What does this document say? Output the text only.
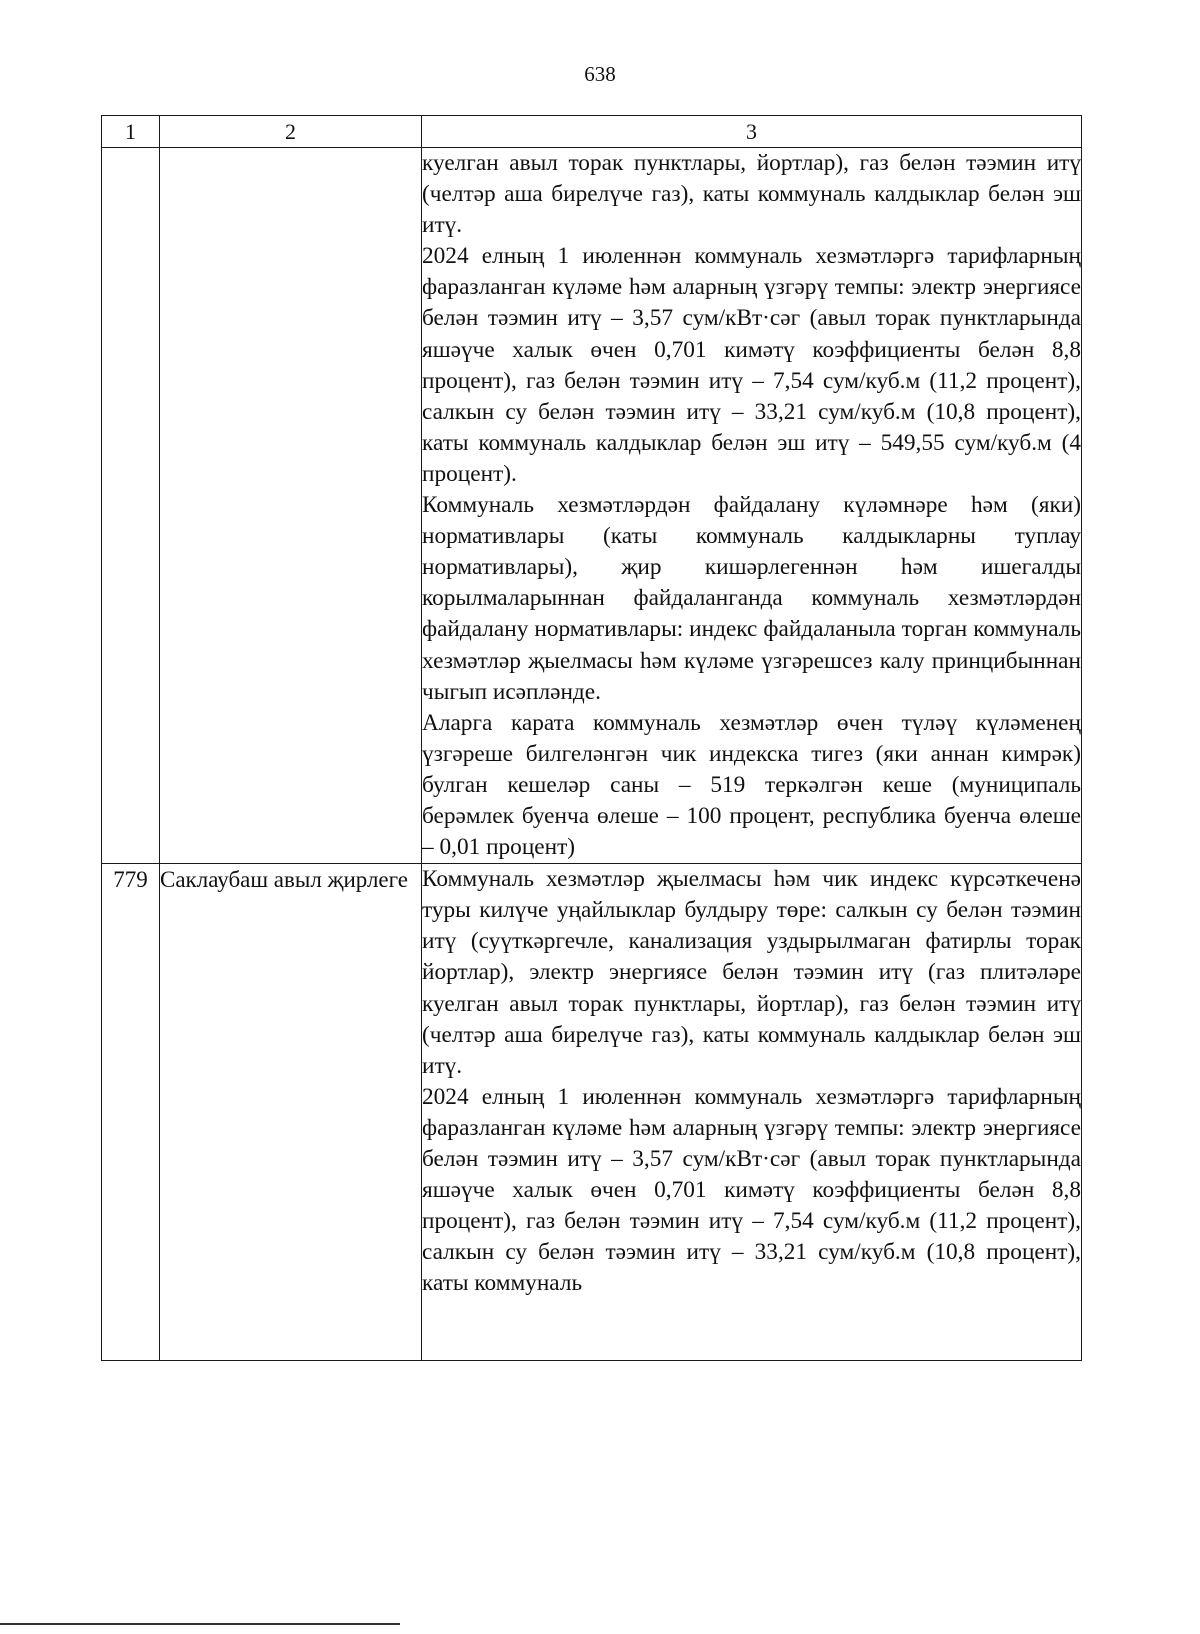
638
1	2	3

		куелган авыл торак пунктлары, йортлар), газ белән тәэмин итү (челтәр аша бирелүче газ), каты коммуналь калдыклар белән эш итү.

2024 елның 1 июленнән коммуналь хезмәтләргә тарифларның фаразланган күләме һәм аларның үзгәрү темпы: электр энергиясе белән тәэмин итү – 3,57 сум/кВт·сәг (авыл торак пунктларында яшәүче халык өчен 0,701 кимәтү коэффициенты белән 8,8 процент), газ белән тәэмин итү – 7,54 сум/куб.м (11,2 процент), салкын су белән тәэмин итү – 33,21 сум/куб.м (10,8 процент), каты коммуналь калдыклар белән эш итү – 549,55 сум/куб.м (4 процент).

Коммуналь хезмәтләрдән файдалану күләмнәре һәм (яки) нормативлары (каты коммуналь калдыкларны туплау нормативлары), җир кишәрлегеннән һәм ишегалды корылмаларыннан файдаланганда коммуналь хезмәтләрдән файдалану нормативлары: индекс файдаланыла торган коммуналь хезмәтләр җыелмасы һәм күләме үзгәрешсез калу принцибыннан чыгып исәпләнде.

Аларга карата коммуналь хезмәтләр өчен түләү күләменең үзгәреше билгеләнгән чик индекска тигез (яки аннан кимрәк) булган кешеләр саны – 519 теркәлгән кеше (муниципаль берәмлек буенча өлеше – 100 процент, республика буенча өлеше – 0,01 процент)

779	Саклаубаш авыл җирлеге	Коммуналь хезмәтләр җыелмасы һәм чик индекс күрсәткеченә туры килүче уңайлыклар булдыру төре: салкын су белән тәэмин итү (суүткәргечле, канализация уздырылмаган фатирлы торак йортлар), электр энергиясе белән тәэмин итү (газ плитәләре куелган авыл торак пунктлары, йортлар), газ белән тәэмин итү (челтәр аша бирелүче газ), каты коммуналь калдыклар белән эш итү.

2024 елның 1 июленнән коммуналь хезмәтләргә тарифларның фаразланган күләме һәм аларның үзгәрү темпы: электр энергиясе белән тәэмин итү – 3,57 сум/кВт·сәг (авыл торак пунктларында яшәүче халык өчен 0,701 кимәтү коэффициенты белән 8,8 процент), газ белән тәэмин итү – 7,54 сум/куб.м (11,2 процент), салкын су белән тәэмин итү – 33,21 сум/куб.м (10,8 процент), каты коммуналь
